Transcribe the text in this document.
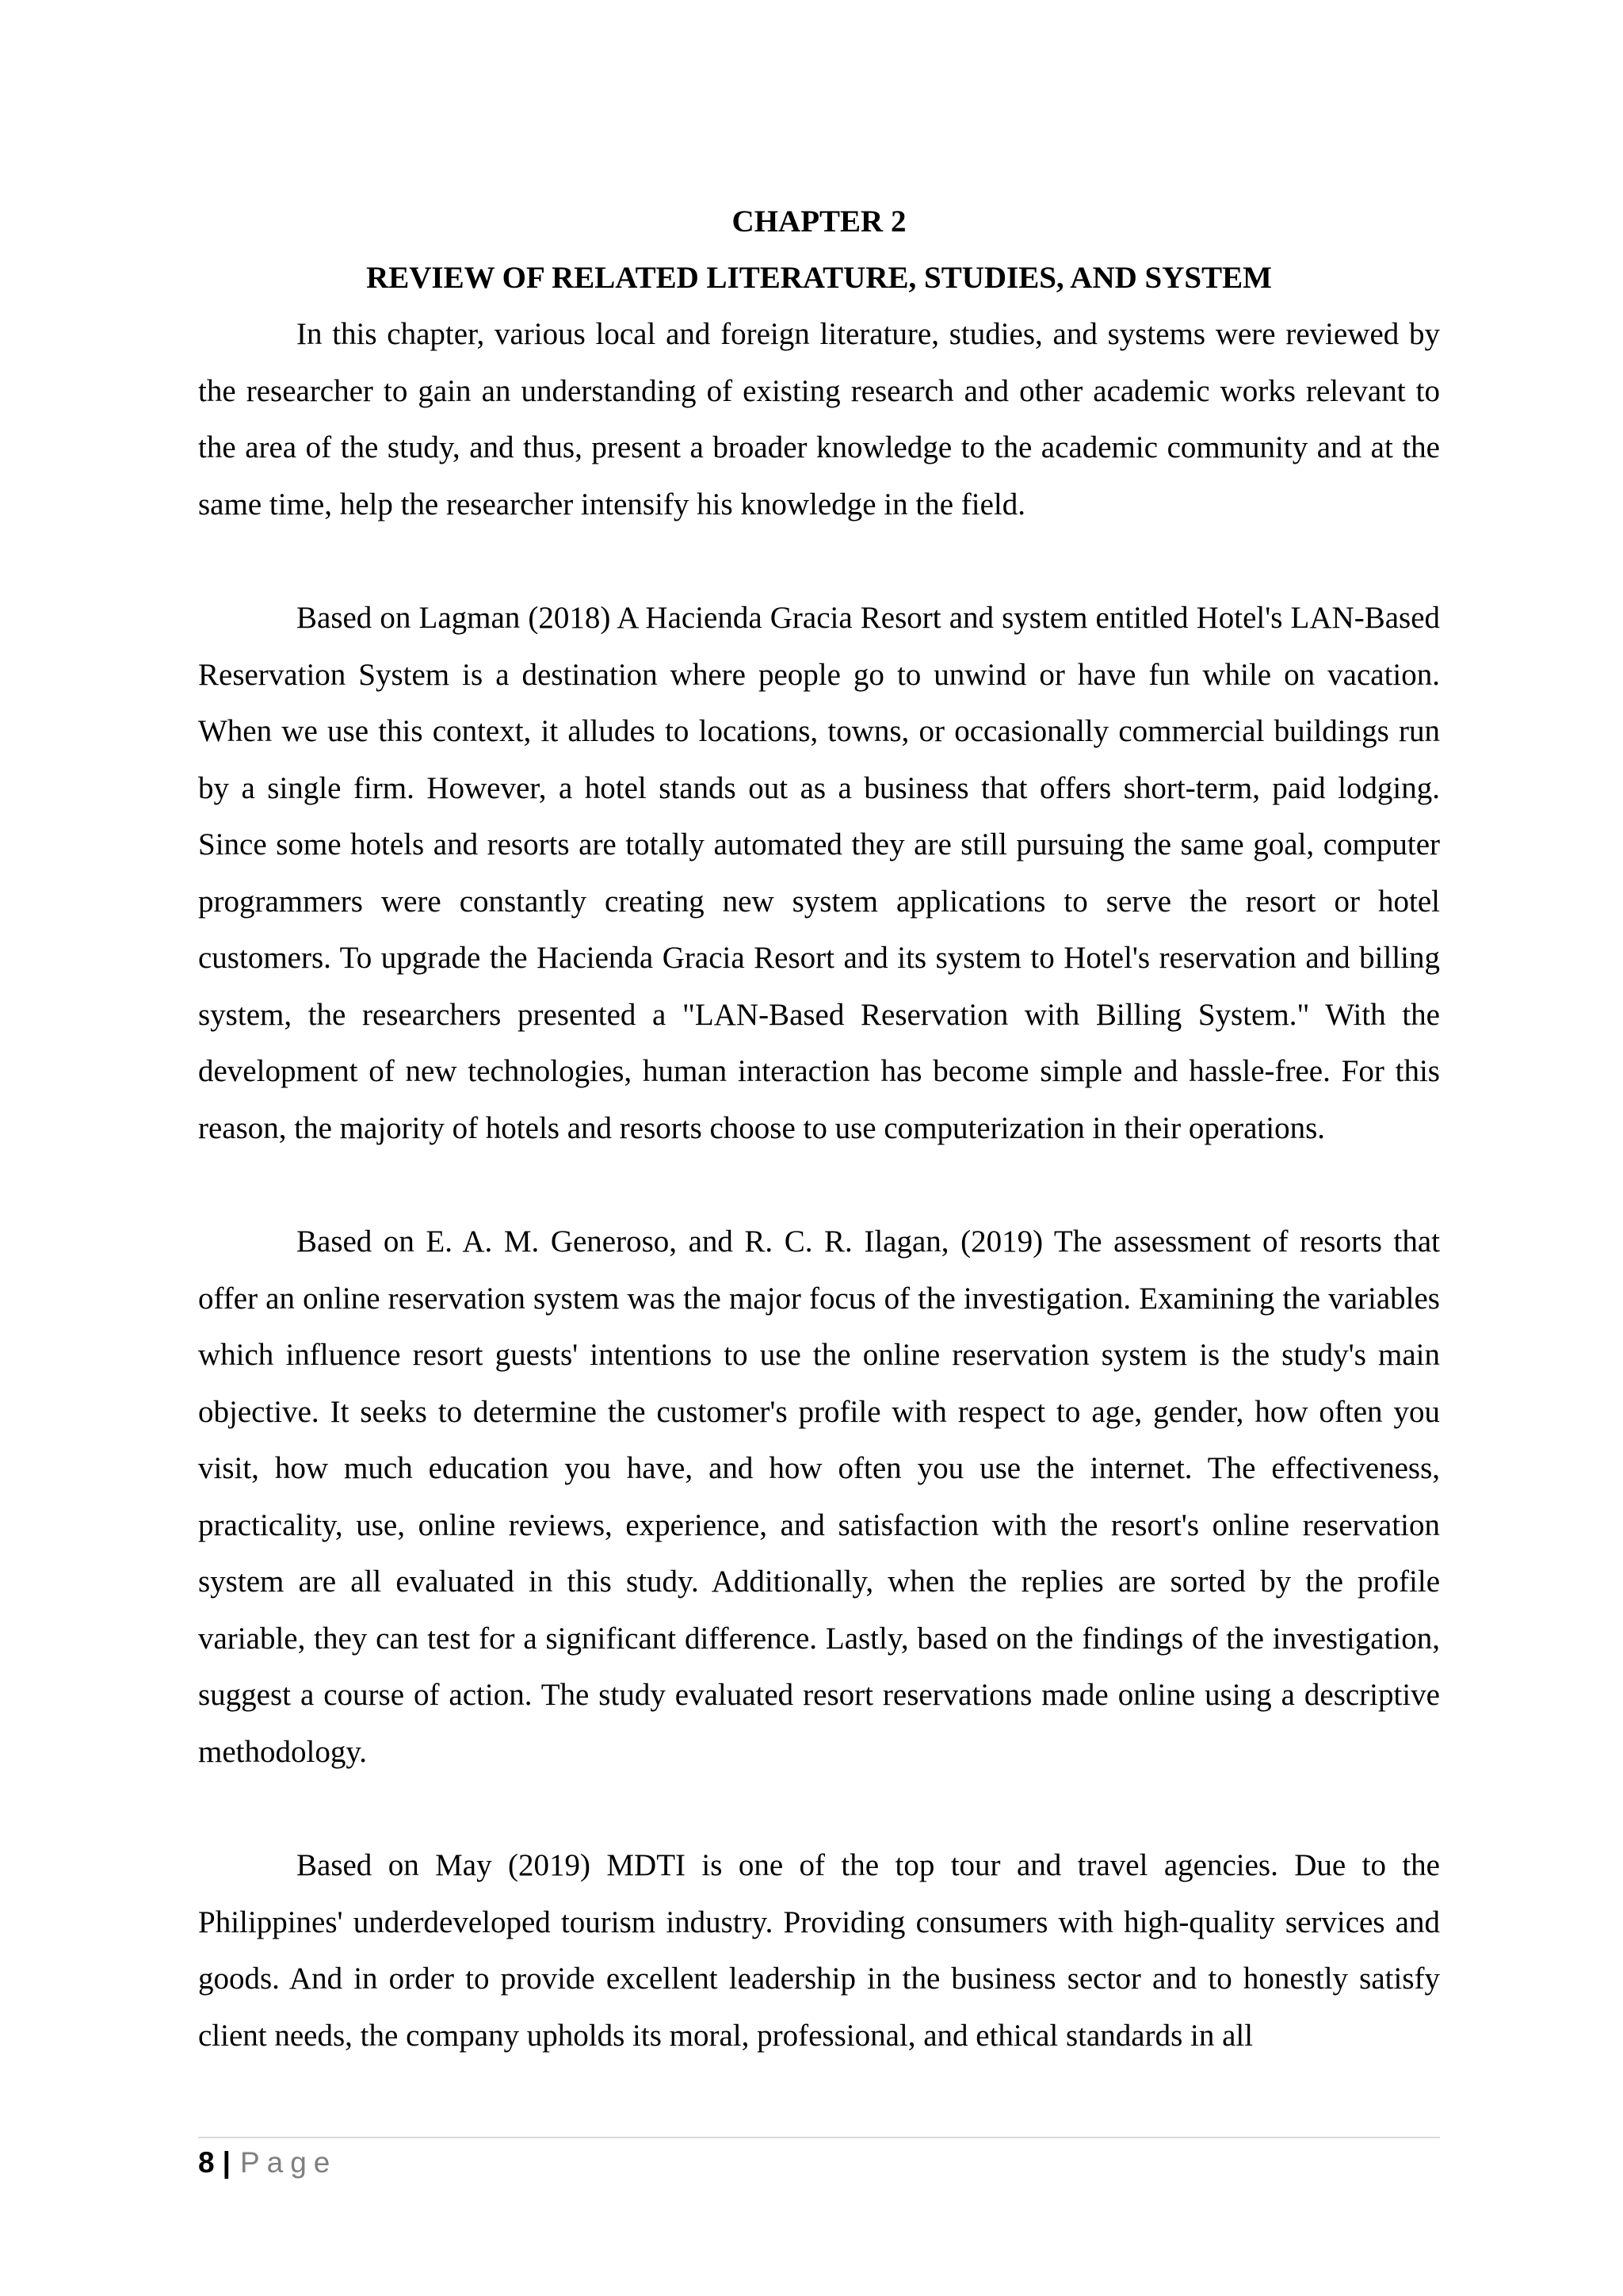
CHAPTER 2

REVIEW OF RELATED LITERATURE, STUDIES, AND SYSTEM

In this chapter, various local and foreign literature, studies, and systems were reviewed by the researcher to gain an understanding of existing research and other academic works relevant to the area of the study, and thus, present a broader knowledge to the academic community and at the same time, help the researcher intensify his knowledge in the field.

Based on Lagman (2018) A Hacienda Gracia Resort and system entitled Hotel's LAN-Based Reservation System is a destination where people go to unwind or have fun while on vacation. When we use this context, it alludes to locations, towns, or occasionally commercial buildings run by a single firm. However, a hotel stands out as a business that offers short-term, paid lodging. Since some hotels and resorts are totally automated they are still pursuing the same goal, computer programmers were constantly creating new system applications to serve the resort or hotel customers. To upgrade the Hacienda Gracia Resort and its system to Hotel's reservation and billing system, the researchers presented a "LAN-Based Reservation with Billing System." With the development of new technologies, human interaction has become simple and hassle-free. For this reason, the majority of hotels and resorts choose to use computerization in their operations.

Based on E. A. M. Generoso, and R. C. R. Ilagan, (2019) The assessment of resorts that offer an online reservation system was the major focus of the investigation. Examining the variables which influence resort guests' intentions to use the online reservation system is the study's main objective. It seeks to determine the customer's profile with respect to age, gender, how often you visit, how much education you have, and how often you use the internet. The effectiveness, practicality, use, online reviews, experience, and satisfaction with the resort's online reservation system are all evaluated in this study. Additionally, when the replies are sorted by the profile variable, they can test for a significant difference. Lastly, based on the findings of the investigation, suggest a course of action. The study evaluated resort reservations made online using a descriptive methodology.

Based on May (2019) MDTI is one of the top tour and travel agencies. Due to the Philippines' underdeveloped tourism industry. Providing consumers with high-quality services and goods. And in order to provide excellent leadership in the business sector and to honestly satisfy client needs, the company upholds its moral, professional, and ethical standards in all

8 | Page
